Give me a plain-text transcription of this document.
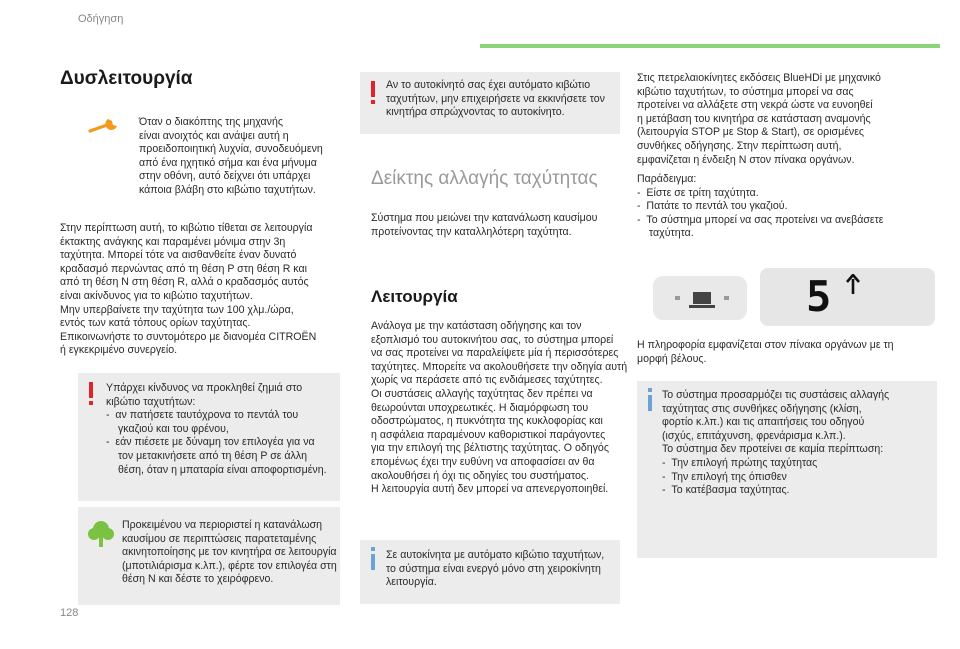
Οδήγηση
Δυσλειτουργία
Όταν ο διακόπτης της μηχανής
είναι ανοιχτός και ανάψει αυτή η
προειδοποιητική λυχνία, συνοδευόμενη
από ένα ηχητικό σήμα και ένα μήνυμα
στην οθόνη, αυτό δείχνει ότι υπάρχει
κάποια βλάβη στο κιβώτιο ταχυτήτων.
Στην περίπτωση αυτή, το κιβώτιο τίθεται σε λειτουργία
έκτακτης ανάγκης και παραμένει μόνιμα στην 3η
ταχύτητα. Μπορεί τότε να αισθανθείτε έναν δυνατό
κραδασμό περνώντας από τη θέση P στη θέση R και
από τη θέση N στη θέση R, αλλά ο κραδασμός αυτός
είναι ακίνδυνος για το κιβώτιο ταχυτήτων.
Μην υπερβαίνετε την ταχύτητα των 100 χλμ./ώρα,
εντός των κατά τόπους ορίων ταχύτητας.
Επικοινωνήστε το συντομότερο με διανομέα CITROËN
ή εγκεκριμένο συνεργείο.
Υπάρχει κίνδυνος να προκληθεί ζημιά στο
κιβώτιο ταχυτήτων:
-  αν πατήσετε ταυτόχρονα το πεντάλ του
γκαζιού και του φρένου,
-  εάν πιέσετε με δύναμη τον επιλογέα για να
τον μετακινήσετε από τη θέση P σε άλλη
θέση, όταν η μπαταρία είναι αποφορτισμένη.
Προκειμένου να περιοριστεί η κατανάλωση
καυσίμου σε περιπτώσεις παρατεταμένης
ακινητοποίησης με τον κινητήρα σε λειτουργία
(μποτιλιάρισμα κ.λπ.), φέρτε τον επιλογέα στη
θέση N και δέστε το χειρόφρενο.
128
Αν το αυτοκίνητό σας έχει αυτόματο κιβώτιο
ταχυτήτων, μην επιχειρήσετε να εκκινήσετε τον
κινητήρα σπρώχνοντας το αυτοκίνητο.
Δείκτης αλλαγής ταχύτητας
Σύστημα που μειώνει την κατανάλωση καυσίμου
προτείνοντας την καταλληλότερη ταχύτητα.
Λειτουργία
Ανάλογα με την κατάσταση οδήγησης και τον
εξοπλισμό του αυτοκινήτου σας, το σύστημα μπορεί
να σας προτείνει να παραλείψετε μία ή περισσότερες
ταχύτητες. Μπορείτε να ακολουθήσετε την οδηγία αυτή
χωρίς να περάσετε από τις ενδιάμεσες ταχύτητες.
Οι συστάσεις αλλαγής ταχύτητας δεν πρέπει να
θεωρούνται υποχρεωτικές. Η διαμόρφωση του
οδοστρώματος, η πυκνότητα της κυκλοφορίας και
η ασφάλεια παραμένουν καθοριστικοί παράγοντες
για την επιλογή της βέλτιστης ταχύτητας. Ο οδηγός
επομένως έχει την ευθύνη να αποφασίσει αν θα
ακολουθήσει ή όχι τις οδηγίες του συστήματος.
Η λειτουργία αυτή δεν μπορεί να απενεργοποιηθεί.
Σε αυτοκίνητα με αυτόματο κιβώτιο ταχυτήτων,
το σύστημα είναι ενεργό μόνο στη χειροκίνητη
λειτουργία.
Στις πετρελαιοκίνητες εκδόσεις BlueHDi με μηχανικό
κιβώτιο ταχυτήτων, το σύστημα μπορεί να σας
προτείνει να αλλάξετε στη νεκρά ώστε να ευνοηθεί
η μετάβαση του κινητήρα σε κατάσταση αναμονής
(λειτουργία STOP με Stop & Start), σε ορισμένες
συνθήκες οδήγησης. Στην περίπτωση αυτή,
εμφανίζεται η ένδειξη N στον πίνακα οργάνων.
Παράδειγμα:
-  Είστε σε τρίτη ταχύτητα.
-  Πατάτε το πεντάλ του γκαζιού.
-  Το σύστημα μπορεί να σας προτείνει να ανεβάσετε
ταχύτητα.
5
Η πληροφορία εμφανίζεται στον πίνακα οργάνων με τη
μορφή βέλους.
Το σύστημα προσαρμόζει τις συστάσεις αλλαγής
ταχύτητας στις συνθήκες οδήγησης (κλίση,
φορτίο κ.λπ.) και τις απαιτήσεις του οδηγού
(ισχύς, επιτάχυνση, φρενάρισμα κ.λπ.).
Το σύστημα δεν προτείνει σε καμία περίπτωση:
-  Την επιλογή πρώτης ταχύτητας
-  Την επιλογή της όπισθεν
-  Το κατέβασμα ταχύτητας.
